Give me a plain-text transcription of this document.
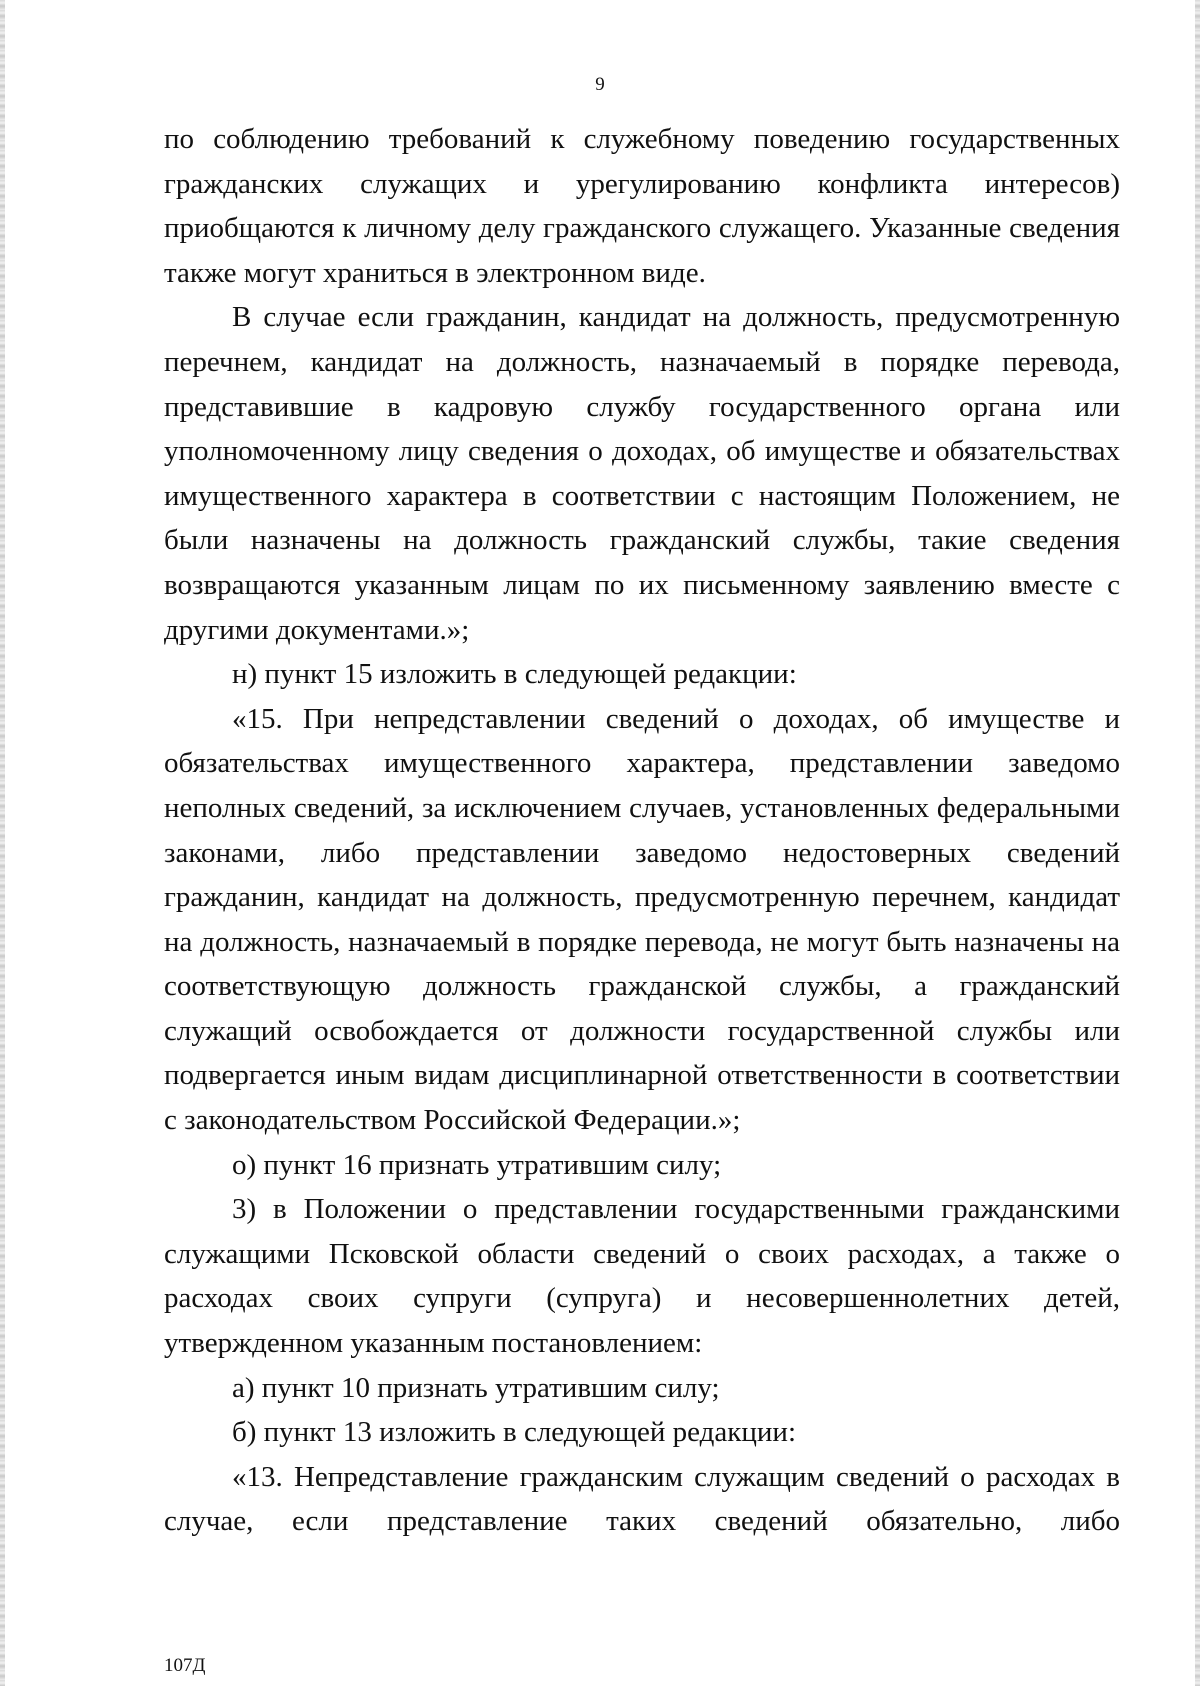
9

по соблюдению требований к служебному поведению государственных гражданских служащих и урегулированию конфликта интересов) приобщаются к личному делу гражданского служащего. Указанные сведения также могут храниться в электронном виде.

В случае если гражданин, кандидат на должность, предусмотренную перечнем, кандидат на должность, назначаемый в порядке перевода, представившие в кадровую службу государственного органа или уполномоченному лицу сведения о доходах, об имуществе и обязательствах имущественного характера в соответствии с настоящим Положением, не были назначены на должность гражданский службы, такие сведения возвращаются указанным лицам по их письменному заявлению вместе с другими документами.»;

н) пункт 15 изложить в следующей редакции:

«15. При непредставлении сведений о доходах, об имуществе и обязательствах имущественного характера, представлении заведомо неполных сведений, за исключением случаев, установленных федеральными законами, либо представлении заведомо недостоверных сведений гражданин, кандидат на должность, предусмотренную перечнем, кандидат на должность, назначаемый в порядке перевода, не могут быть назначены на соответствующую должность гражданской службы, а гражданский служащий освобождается от должности государственной службы или подвергается иным видам дисциплинарной ответственности в соответствии с законодательством Российской Федерации.»;

о) пункт 16 признать утратившим силу;

3) в Положении о представлении государственными гражданскими служащими Псковской области сведений о своих расходах, а также о расходах своих супруги (супруга) и несовершеннолетних детей, утвержденном указанным постановлением:

а) пункт 10 признать утратившим силу;

б) пункт 13 изложить в следующей редакции:

«13. Непредставление гражданским служащим сведений о расходах в случае, если представление таких сведений обязательно, либо

107Д
